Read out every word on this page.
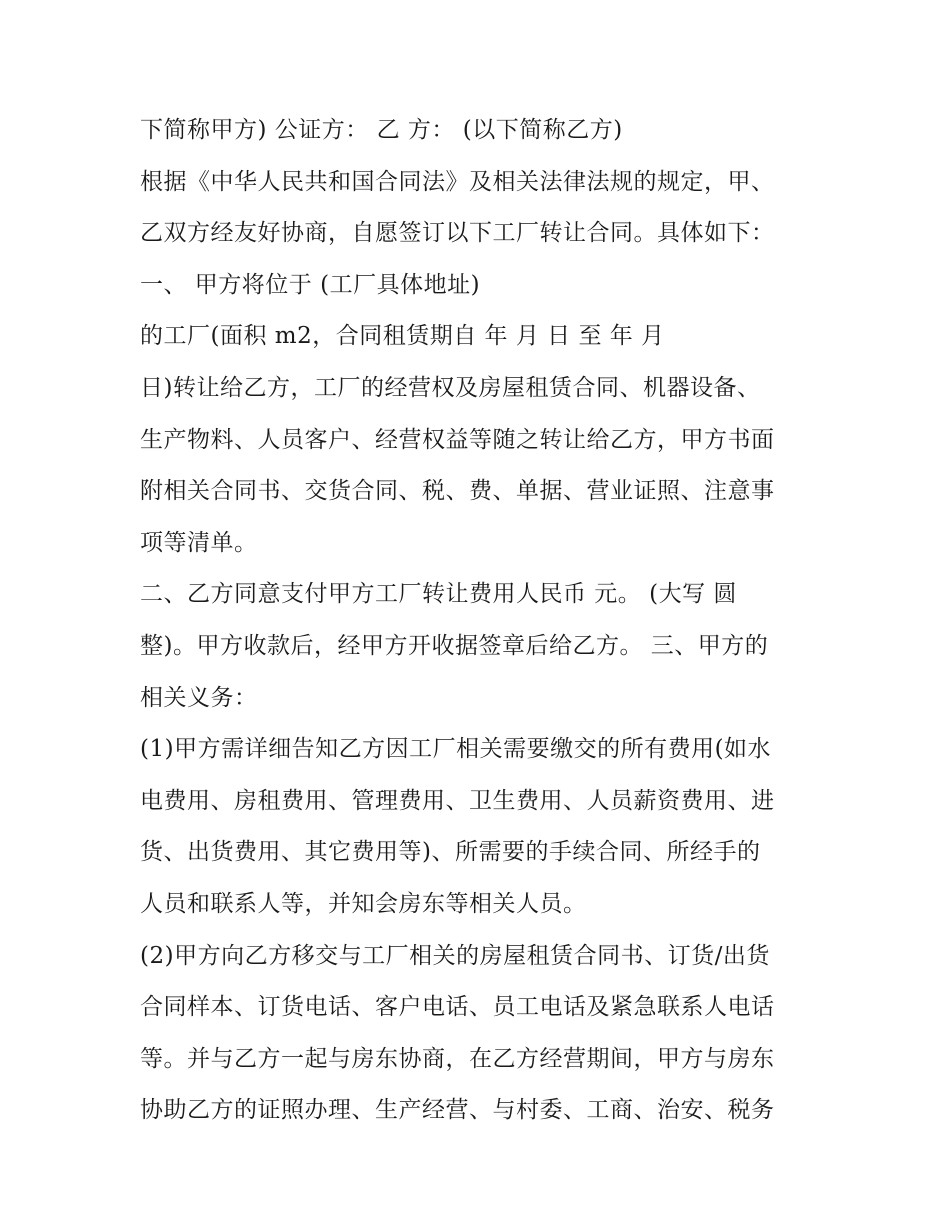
下简称甲方) 公证方： 乙 方： (以下简称乙方)
根据《中华人民共和国合同法》及相关法律法规的规定，甲、
乙双方经友好协商，自愿签订以下工厂转让合同。具体如下：
一、 甲方将位于 (工厂具体地址)
的工厂(面积 m2，合同租赁期自 年 月 日 至 年 月
日)转让给乙方，工厂的经营权及房屋租赁合同、机器设备、
生产物料、人员客户、经营权益等随之转让给乙方，甲方书面
附相关合同书、交货合同、税、费、单据、营业证照、注意事
项等清单。
二、乙方同意支付甲方工厂转让费用人民币 元。 (大写 圆
整)。甲方收款后，经甲方开收据签章后给乙方。 三、甲方的
相关义务：
(1)甲方需详细告知乙方因工厂相关需要缴交的所有费用(如水
电费用、房租费用、管理费用、卫生费用、人员薪资费用、进
货、出货费用、其它费用等)、所需要的手续合同、所经手的
人员和联系人等，并知会房东等相关人员。
(2)甲方向乙方移交与工厂相关的房屋租赁合同书、订货/出货
合同样本、订货电话、客户电话、员工电话及紧急联系人电话
等。并与乙方一起与房东协商，在乙方经营期间，甲方与房东
协助乙方的证照办理、生产经营、与村委、工商、治安、税务
